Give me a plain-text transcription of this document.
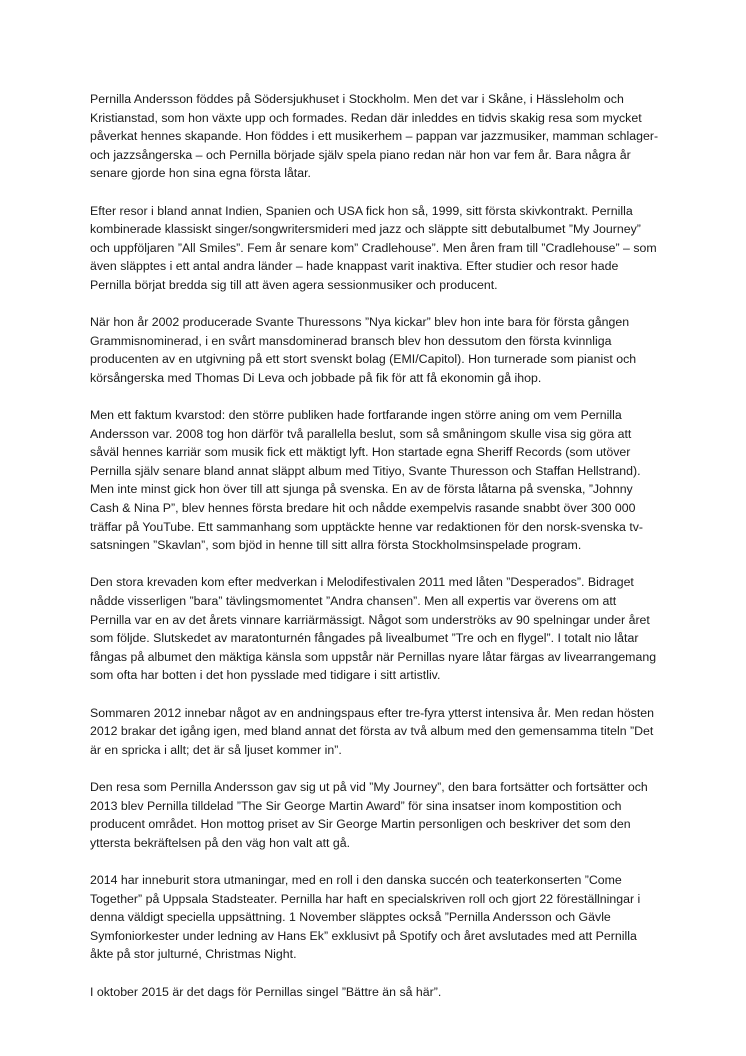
Pernilla Andersson föddes på Södersjukhuset i Stockholm. Men det var i Skåne, i Hässleholm och Kristianstad, som hon växte upp och formades. Redan där inleddes en tidvis skakig resa som mycket påverkat hennes skapande. Hon föddes i ett musikerhem – pappan var jazzmusiker, mamman schlager- och jazzsångerska – och Pernilla började själv spela piano redan när hon var fem år. Bara några år senare gjorde hon sina egna första låtar.

Efter resor i bland annat Indien, Spanien och USA fick hon så, 1999, sitt första skivkontrakt. Pernilla kombinerade klassiskt singer/songwritersmideri med jazz och släppte sitt debutalbumet ”My Journey” och uppföljaren ”All Smiles”. Fem år senare kom” Cradlehouse”. Men åren fram till ”Cradlehouse” – som även släpptes i ett antal andra länder – hade knappast varit inaktiva. Efter studier och resor hade Pernilla börjat bredda sig till att även agera sessionmusiker och producent.

När hon år 2002 producerade Svante Thuressons ”Nya kickar” blev hon inte bara för första gången Grammisnominerad, i en svårt mansdominerad bransch blev hon dessutom den första kvinnliga producenten av en utgivning på ett stort svenskt bolag (EMI/Capitol). Hon turnerade som pianist och körsångerska med Thomas Di Leva och jobbade på fik för att få ekonomin gå ihop.

Men ett faktum kvarstod: den större publiken hade fortfarande ingen större aning om vem Pernilla Andersson var. 2008 tog hon därför två parallella beslut, som så småningom skulle visa sig göra att såväl hennes karriär som musik fick ett mäktigt lyft. Hon startade egna Sheriff Records (som utöver Pernilla själv senare bland annat släppt album med Titiyo, Svante Thuresson och Staffan Hellstrand). Men inte minst gick hon över till att sjunga på svenska. En av de första låtarna på svenska, ”Johnny Cash & Nina P”, blev hennes första bredare hit och nådde exempelvis rasande snabbt över 300 000 träffar på YouTube. Ett sammanhang som upptäckte henne var redaktionen för den norsk-svenska tv-satsningen ”Skavlan”, som bjöd in henne till sitt allra första Stockholmsinspelade program.

Den stora krevaden kom efter medverkan i Melodifestivalen 2011 med låten ”Desperados”. Bidraget nådde visserligen ”bara” tävlingsmomentet ”Andra chansen”. Men all expertis var överens om att Pernilla var en av det årets vinnare karriärmässigt. Något som underströks av 90 spelningar under året som följde. Slutskedet av maratonturnén fångades på livealbumet ”Tre och en flygel”. I totalt nio låtar fångas på albumet den mäktiga känsla som uppstår när Pernillas nyare låtar färgas av livearrangemang som ofta har botten i det hon pysslade med tidigare i sitt artistliv.

Sommaren 2012 innebar något av en andningspaus efter tre-fyra ytterst intensiva år. Men redan hösten 2012 brakar det igång igen, med bland annat det första av två album med den gemensamma titeln ”Det är en spricka i allt; det är så ljuset kommer in”.

Den resa som Pernilla Andersson gav sig ut på vid ”My Journey”, den bara fortsätter och fortsätter och 2013 blev Pernilla tilldelad ”The Sir George Martin Award” för sina insatser inom kompostition och producent området. Hon mottog priset av Sir George Martin personligen och beskriver det som den yttersta bekräftelsen på den väg hon valt att gå.

2014 har inneburit stora utmaningar, med en roll i den danska succén och teaterkonserten ”Come Together” på Uppsala Stadsteater. Pernilla har haft en specialskriven roll och gjort 22 föreställningar i denna väldigt speciella uppsättning. 1 November släpptes också ”Pernilla Andersson och Gävle Symfoniorkester under ledning av Hans Ek” exklusivt på Spotify och året avslutades med att Pernilla åkte på stor julturné, Christmas Night.

I oktober 2015 är det dags för Pernillas singel ”Bättre än så här”.
